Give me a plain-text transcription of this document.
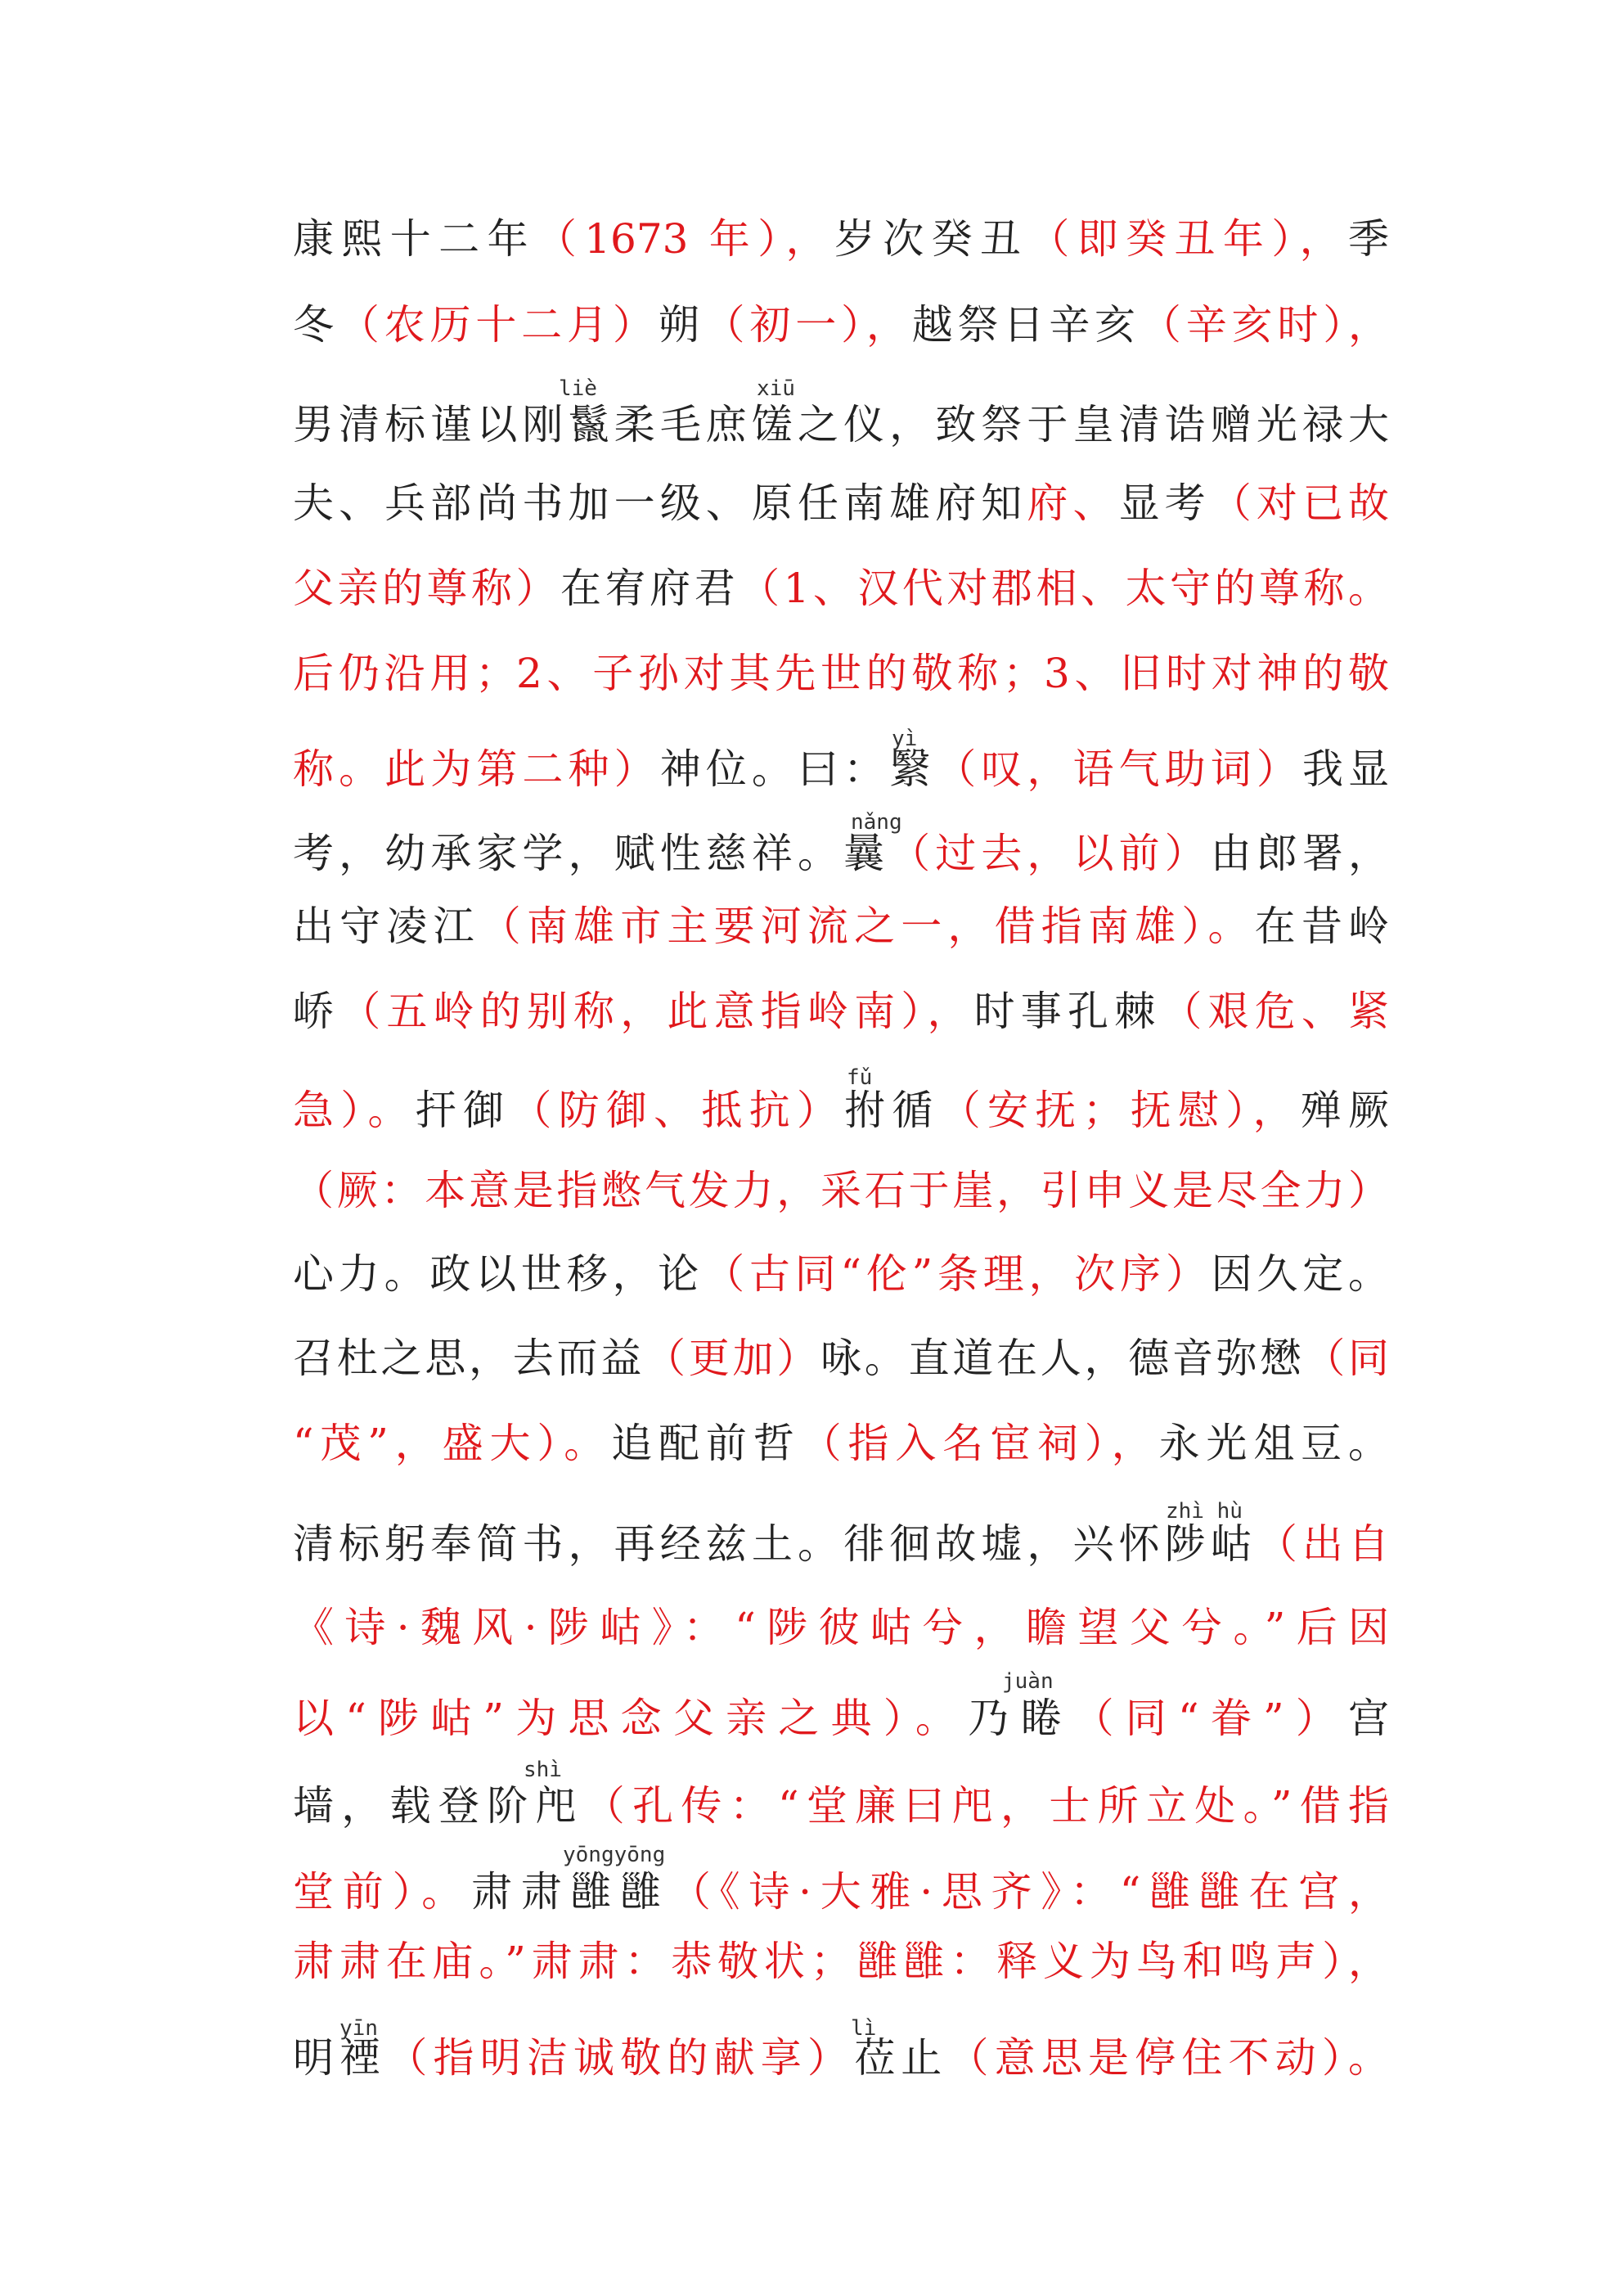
康熙十二年（1673 年），岁次癸丑（即癸丑年），季
冬（农历十二月）朔（初一），越祭日辛亥（辛亥时），
男清标谨以刚鬣柔毛庶馐之仪，致祭于皇清诰赠光禄大
夫、兵部尚书加一级、原任南雄府知府、显考（对已故
父亲的尊称）在宥府君（1、汉代对郡相、太守的尊称。
后仍沿用；2、子孙对其先世的敬称；3、旧时对神的敬
称。此为第二种）神位。曰：繄（叹，语气助词）我显
考，幼承家学，赋性慈祥。曩（过去，以前）由郎署，
出守凌江（南雄市主要河流之一，借指南雄）。在昔岭
峤（五岭的别称，此意指岭南），时事孔棘（艰危、紧
急）。扞御（防御、抵抗）拊循（安抚；抚慰），殚厥
（厥：本意是指憋气发力，采石于崖，引申义是尽全力）
心力。政以世移，论（古同“伦”条理，次序）因久定。
召杜之思，去而益（更加）咏。直道在人，德音弥懋（同
“茂”，盛大）。追配前哲（指入名宦祠），永光俎豆。
清标躬奉简书，再经兹土。徘徊故墟，兴怀陟岵（出自
《诗·魏风·陟岵》：“陟彼岵兮，瞻望父兮。”后因
以“陟岵”为思念父亲之典）。乃睠（同“眷”）宫
墙，载登阶戺（孔传：“堂廉曰戺，士所立处。”借指
堂前）。肃肃雝雝（《诗·大雅·思齐》：“雝雝在宫，
肃肃在庙。”肃肃：恭敬状；雝雝：释义为鸟和鸣声），
明禋（指明洁诚敬的献享）莅止（意思是停住不动）。
liè	xiū
yì
nǎng
fǔ
zhì hù
juàn
shì
yōngyōng
yīn	lì
